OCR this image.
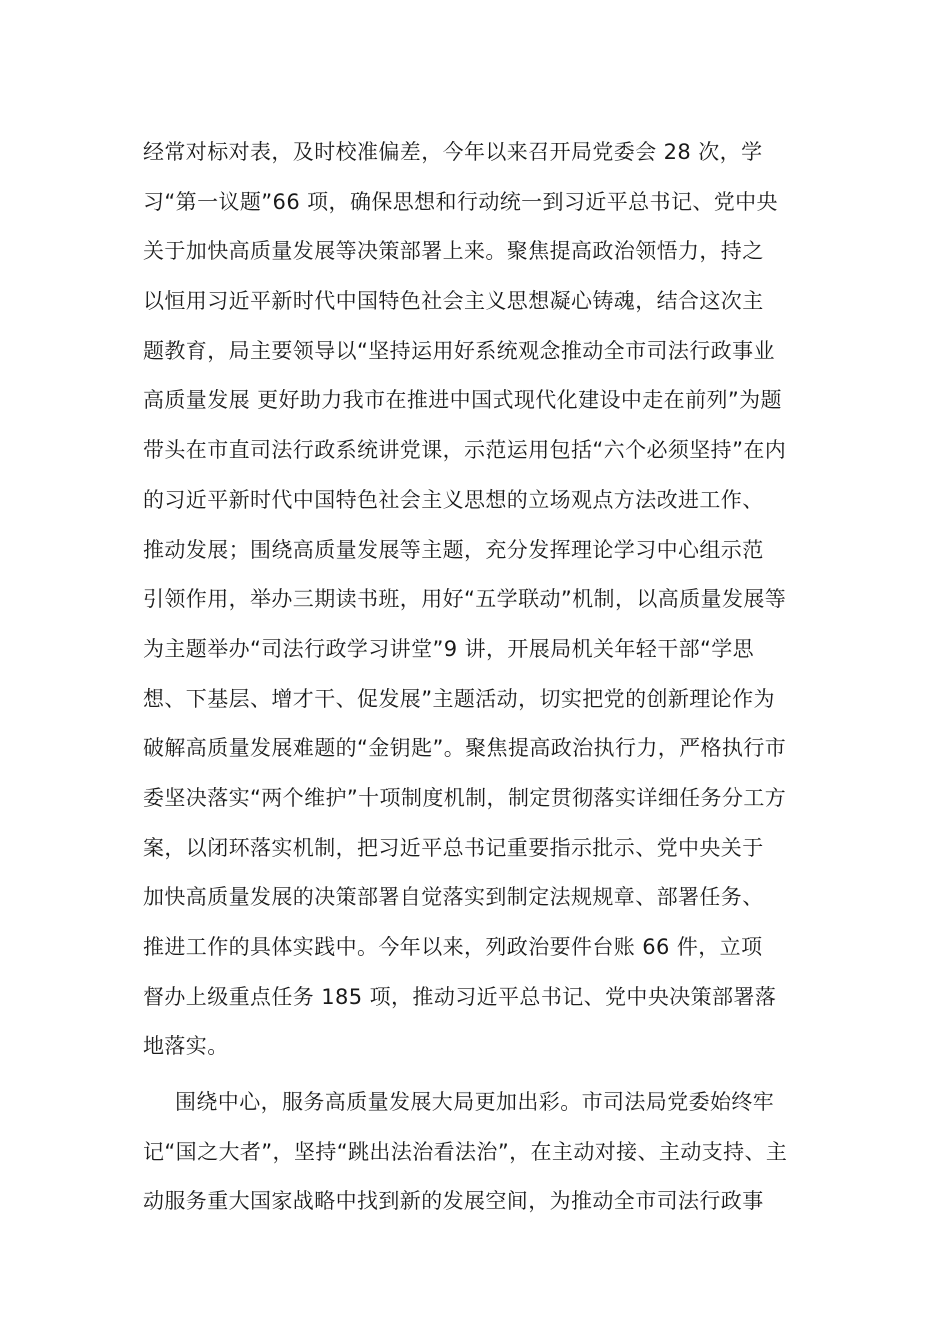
经常对标对表，及时校准偏差，今年以来召开局党委会 28 次，学
习“第一议题”66 项，确保思想和行动统一到习近平总书记、党中央
关于加快高质量发展等决策部署上来。聚焦提高政治领悟力，持之
以恒用习近平新时代中国特色社会主义思想凝心铸魂，结合这次主
题教育，局主要领导以“坚持运用好系统观念推动全市司法行政事业
高质量发展 更好助力我市在推进中国式现代化建设中走在前列”为题
带头在市直司法行政系统讲党课，示范运用包括“六个必须坚持”在内
的习近平新时代中国特色社会主义思想的立场观点方法改进工作、
推动发展；围绕高质量发展等主题，充分发挥理论学习中心组示范
引领作用，举办三期读书班，用好“五学联动”机制，以高质量发展等
为主题举办“司法行政学习讲堂”9 讲，开展局机关年轻干部“学思
想、下基层、增才干、促发展”主题活动，切实把党的创新理论作为
破解高质量发展难题的“金钥匙”。聚焦提高政治执行力，严格执行市
委坚决落实“两个维护”十项制度机制，制定贯彻落实详细任务分工方
案，以闭环落实机制，把习近平总书记重要指示批示、党中央关于
加快高质量发展的决策部署自觉落实到制定法规规章、部署任务、
推进工作的具体实践中。今年以来，列政治要件台账 66 件，立项
督办上级重点任务 185 项，推动习近平总书记、党中央决策部署落
地落实。
围绕中心，服务高质量发展大局更加出彩。市司法局党委始终牢
记“国之大者”，坚持“跳出法治看法治”，在主动对接、主动支持、主
动服务重大国家战略中找到新的发展空间，为推动全市司法行政事
